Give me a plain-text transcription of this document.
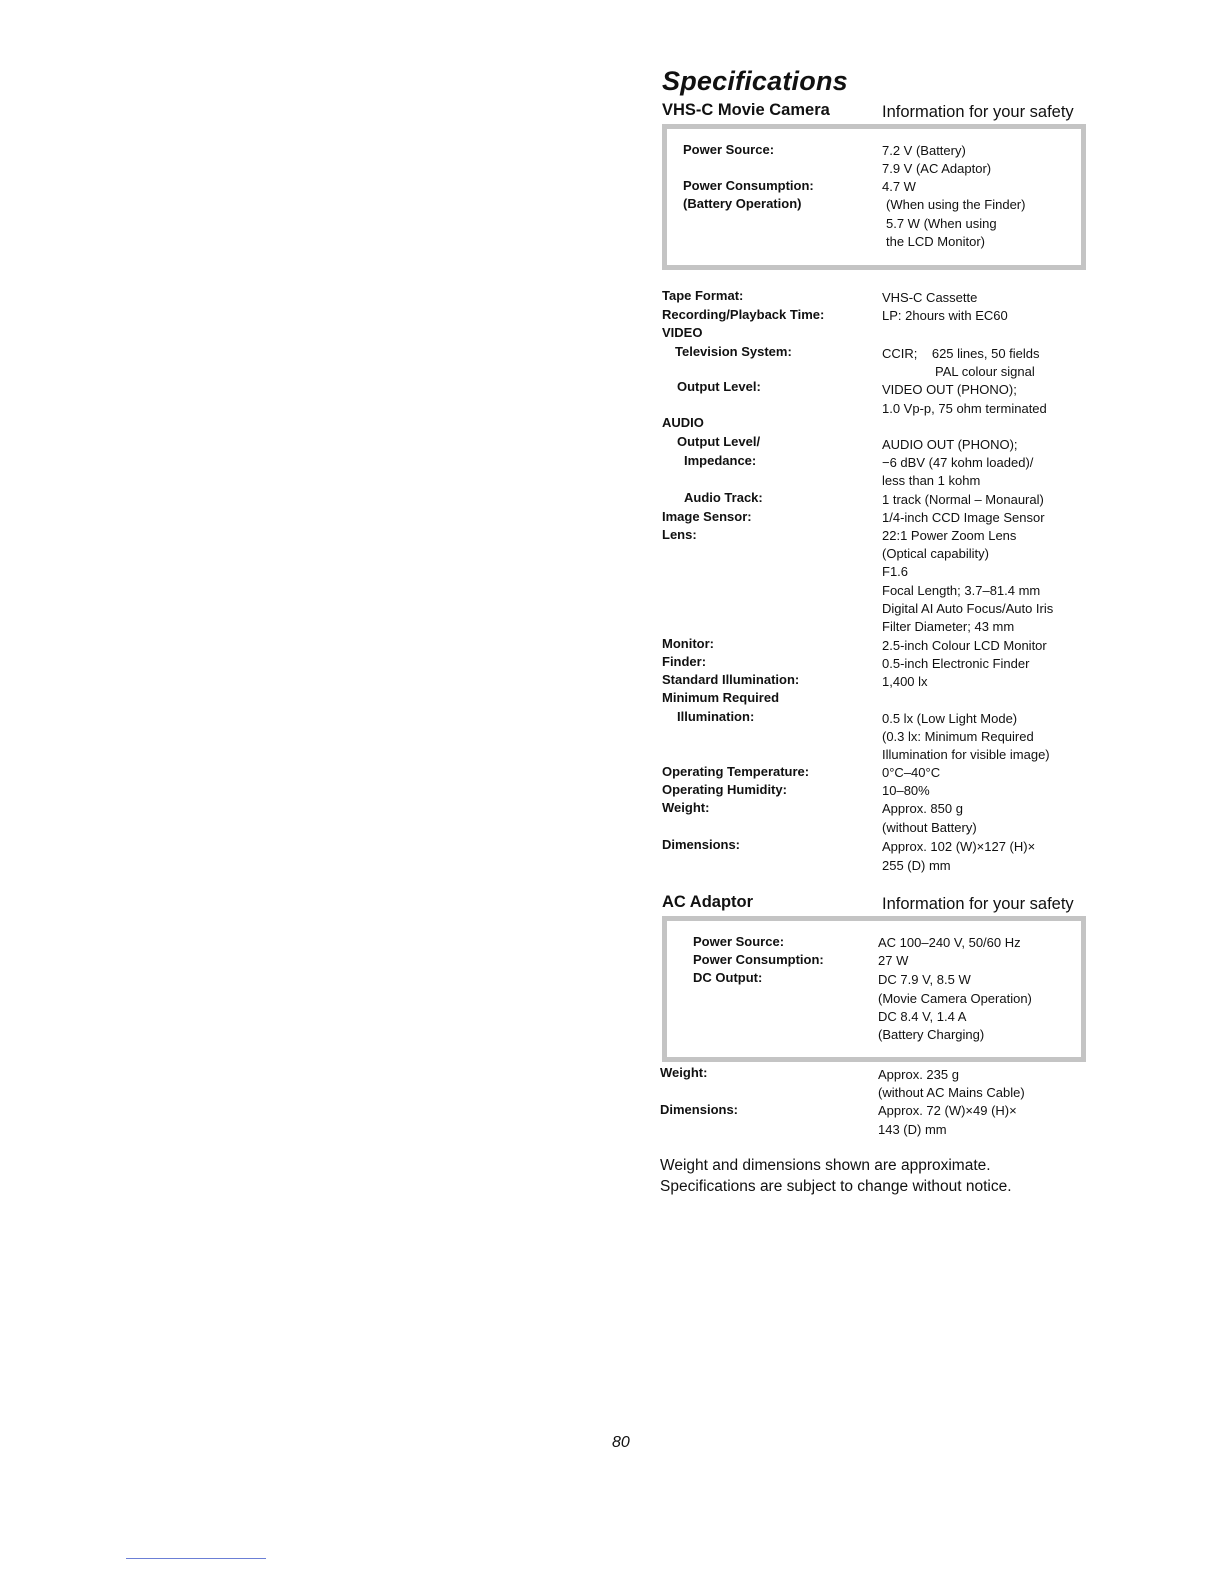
Specifications
VHS-C Movie Camera	Information for your safety
Power Source:
Power Consumption:
(Battery Operation)
7.2 V (Battery)
7.9 V (AC Adaptor)
4.7 W
(When using the Finder)
5.7 W (When using
the LCD Monitor)
Tape Format:
Recording/Playback Time:
VIDEO
Television System:
Output Level:
AUDIO
Output Level/
Impedance:
Audio Track:
Image Sensor:
Lens:
Monitor:
Finder:
Standard Illumination:
Minimum Required
Illumination:
Operating Temperature:
Operating Humidity:
Weight:
Dimensions:
VHS-C Cassette
LP: 2hours with EC60
CCIR;    625 lines, 50 fields
PAL colour signal
VIDEO OUT (PHONO);
1.0 Vp-p, 75 ohm terminated
AUDIO OUT (PHONO);
−6 dBV (47 kohm loaded)/
less than 1 kohm
1 track (Normal – Monaural)
1/4-inch CCD Image Sensor
22:1 Power Zoom Lens
(Optical capability)
F1.6
Focal Length; 3.7–81.4 mm
Digital AI Auto Focus/Auto Iris
Filter Diameter; 43 mm
2.5-inch Colour LCD Monitor
0.5-inch Electronic Finder
1,400 lx
0.5 lx (Low Light Mode)
(0.3 lx: Minimum Required
Illumination for visible image)
0°C–40°C
10–80%
Approx. 850 g
(without Battery)
Approx. 102 (W)×127 (H)×
255 (D) mm
AC Adaptor	Information for your safety
Power Source:
Power Consumption:
DC Output:
AC 100–240 V, 50/60 Hz
27 W
DC 7.9 V, 8.5 W
(Movie Camera Operation)
DC 8.4 V, 1.4 A
(Battery Charging)
Weight:
Dimensions:
Approx. 235 g
(without AC Mains Cable)
Approx. 72 (W)×49 (H)×
143 (D) mm
Weight and dimensions shown are approximate.
Specifications are subject to change without notice.
80
